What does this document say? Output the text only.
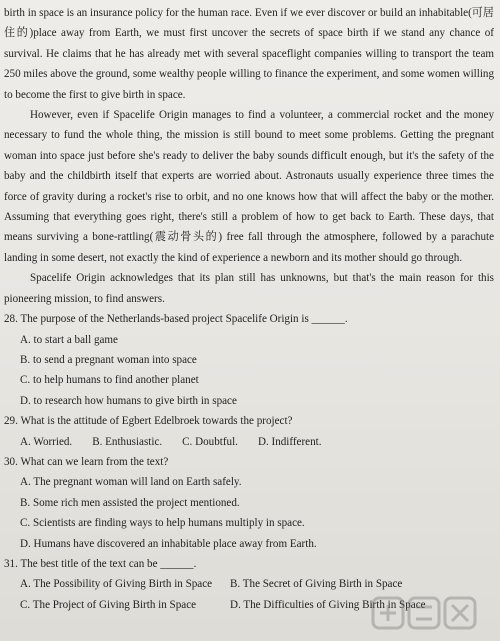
birth in space is an insurance policy for the human race. Even if we ever discover or build an inhabitable(可居住的)place away from Earth, we must first uncover the secrets of space birth if we stand any chance of survival. He claims that he has already met with several spaceflight companies willing to transport the team 250 miles above the ground, some wealthy people willing to finance the experiment, and some women willing to become the first to give birth in space.

However, even if Spacelife Origin manages to find a volunteer, a commercial rocket and the money necessary to fund the whole thing, the mission is still bound to meet some problems. Getting the pregnant woman into space just before she's ready to deliver the baby sounds difficult enough, but it's the safety of the baby and the childbirth itself that experts are worried about. Astronauts usually experience three times the force of gravity during a rocket's rise to orbit, and no one knows how that will affect the baby or the mother. Assuming that everything goes right, there's still a problem of how to get back to Earth. These days, that means surviving a bone-rattling(震动骨头的) free fall through the atmosphere, followed by a parachute landing in some desert, not exactly the kind of experience a newborn and its mother should go through.

Spacelife Origin acknowledges that its plan still has unknowns, but that's the main reason for this pioneering mission, to find answers.

28. The purpose of the Netherlands-based project Spacelife Origin is ______.

A. to start a ball game

B. to send a pregnant woman into space

C. to help humans to find another planet

D. to research how humans to give birth in space

29. What is the attitude of Egbert Edelbroek towards the project?

A. Worried. B. Enthusiastic. C. Doubtful. D. Indifferent.

30. What can we learn from the text?

A. The pregnant woman will land on Earth safely.

B. Some rich men assisted the project mentioned.

C. Scientists are finding ways to help humans multiply in space.

D. Humans have discovered an inhabitable place away from Earth.

31. The best title of the text can be ______.

A. The Possibility of Giving Birth in Space	B. The Secret of Giving Birth in Space
C. The Project of Giving Birth in Space	D. The Difficulties of Giving Birth in Space
